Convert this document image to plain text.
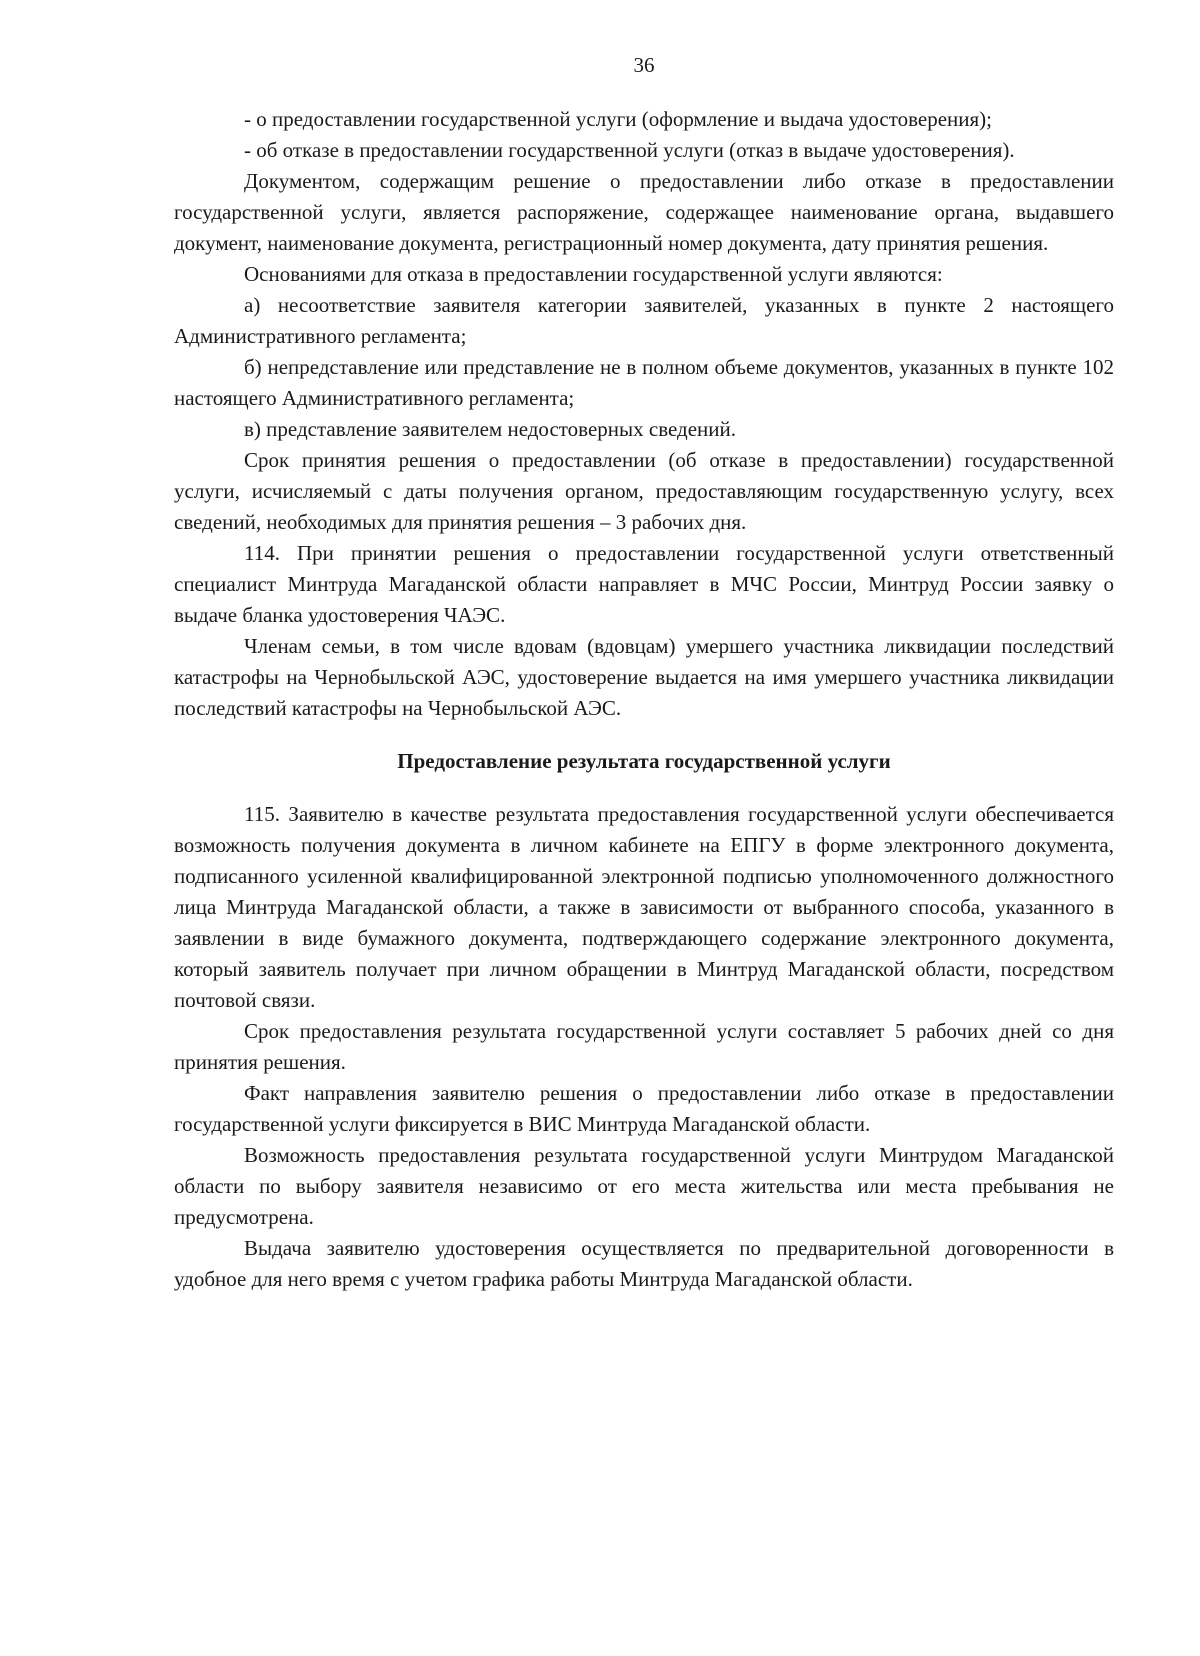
36

- о предоставлении государственной услуги (оформление и выдача удостоверения);

- об отказе в предоставлении государственной услуги (отказ в выдаче удостоверения).

Документом, содержащим решение о предоставлении либо отказе в предоставлении государственной услуги, является распоряжение, содержащее наименование органа, выдавшего документ, наименование документа, регистрационный номер документа, дату принятия решения.

Основаниями для отказа в предоставлении государственной услуги являются:

а) несоответствие заявителя категории заявителей, указанных в пункте 2 настоящего Административного регламента;

б) непредставление или представление не в полном объеме документов, указанных в пункте 102 настоящего Административного регламента;

в) представление заявителем недостоверных сведений.

Срок принятия решения о предоставлении (об отказе в предоставлении) государственной услуги, исчисляемый с даты получения органом, предоставляющим государственную услугу, всех сведений, необходимых для принятия решения – 3 рабочих дня.

114. При принятии решения о предоставлении государственной услуги ответственный специалист Минтруда Магаданской области направляет в МЧС России, Минтруд России заявку о выдаче бланка удостоверения ЧАЭС.

Членам семьи, в том числе вдовам (вдовцам) умершего участника ликвидации последствий катастрофы на Чернобыльской АЭС, удостоверение выдается на имя умершего участника ликвидации последствий катастрофы на Чернобыльской АЭС.

Предоставление результата государственной услуги

115. Заявителю в качестве результата предоставления государственной услуги обеспечивается возможность получения документа в личном кабинете на ЕПГУ в форме электронного документа, подписанного усиленной квалифицированной электронной подписью уполномоченного должностного лица Минтруда Магаданской области, а также в зависимости от выбранного способа, указанного в заявлении в виде бумажного документа, подтверждающего содержание электронного документа, который заявитель получает при личном обращении в Минтруд Магаданской области, посредством почтовой связи.

Срок предоставления результата государственной услуги составляет 5 рабочих дней со дня принятия решения.

Факт направления заявителю решения о предоставлении либо отказе в предоставлении государственной услуги фиксируется в ВИС Минтруда Магаданской области.

Возможность предоставления результата государственной услуги Минтрудом Магаданской области по выбору заявителя независимо от его места жительства или места пребывания не предусмотрена.

Выдача заявителю удостоверения осуществляется по предварительной договоренности в удобное для него время с учетом графика работы Минтруда Магаданской области.
